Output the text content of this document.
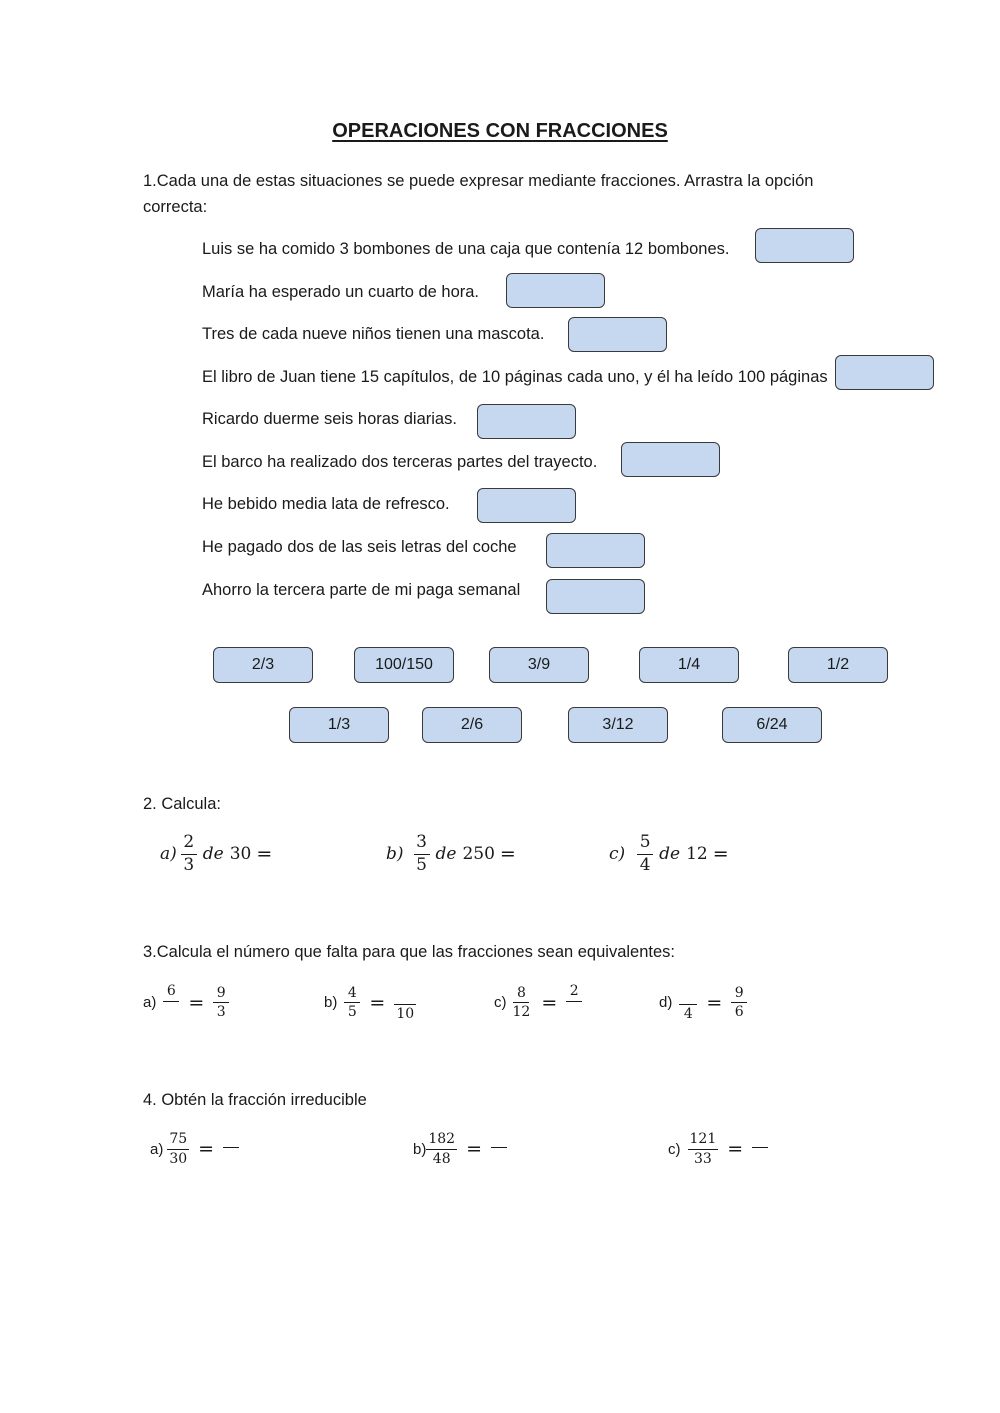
OPERACIONES CON FRACCIONES
1.Cada una de estas situaciones se puede expresar mediante fracciones. Arrastra la opción correcta:
Luis se ha comido 3 bombones de una caja que contenía 12 bombones.
María ha esperado un cuarto de hora.
Tres de cada nueve niños tienen una mascota.
El libro de Juan tiene 15 capítulos, de 10 páginas cada uno, y él ha leído 100 páginas
Ricardo duerme seis horas diarias.
El barco ha realizado dos terceras partes del trayecto.
He bebido media lata de refresco.
He pagado dos de las seis letras del coche
Ahorro la tercera parte de mi paga semanal
2/3	100/150	3/9	1/4	1/2
1/3	2/6	3/12	6/24
2. Calcula:
$a) \frac{2}{3}$ de 30 =	$b) \frac{3}{5}$ de 250 =	$c) \frac{5}{4}$ de 12 =
3.Calcula el número que falta para que las fracciones sean equivalentes:
a)
6
= $\frac{9}{3}$	$b) \frac{4}{5}$ =
10
$c) \frac{8}{12}$ =
2
d)
4
= $\frac{9}{6}$
4. Obtén la fracción irreducible
$a) \frac{75}{30}$ =	$b) \frac{182}{48}$ =	$c) \frac{121}{33}$ =
